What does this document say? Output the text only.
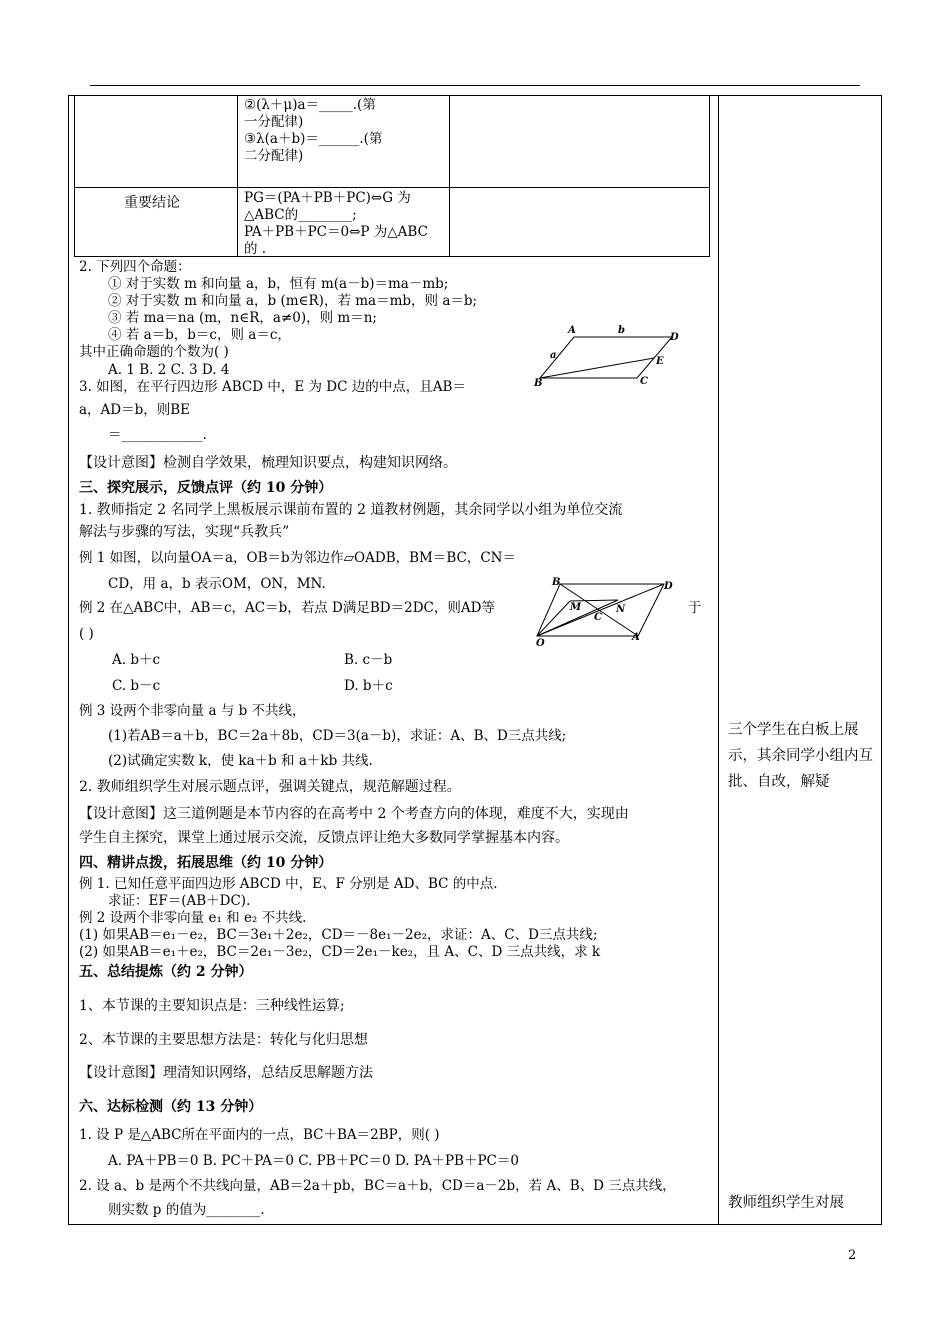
②(λ＋μ)a＝_____.(第
一分配律)
③λ(a＋b)＝______.(第
二分配律)
重要结论	PG＝(PA＋PB＋PC)⇔G 为
△ABC的________;
PA＋PB＋PC＝0⇔P 为△ABC
的 .
2. 下列四个命题：
① 对于实数 m 和向量 a，b，恒有 m(a－b)＝ma－mb;
② 对于实数 m 和向量 a，b (m∈R)，若 ma＝mb，则 a＝b;
③ 若 ma＝na (m，n∈R，a≠0)，则 m＝n;
④ 若 a＝b，b＝c，则 a＝c，
其中正确命题的个数为( )
A. 1 B. 2 C. 3 D. 4
A	b
D
a
E
B	C
3. 如图，在平行四边形 ABCD 中，E 为 DC 边的中点，且AB＝
a，AD＝b，则BE
＝____________.
【设计意图】检测自学效果，梳理知识要点，构建知识网络。
三、探究展示，反馈点评（约 10 分钟）
1. 教师指定 2 名同学上黑板展示课前布置的 2 道教材例题，其余同学以小组为单位交流
解法与步骤的写法，实现“兵教兵”
例 1 如图，以向量OA＝a，OB＝b为邻边作▱OADB，BM＝BC，CN＝
CD，用 a，b 表示OM，ON，MN.	B	D
M	N
C
O
A
例 2 在△ABC中，AB＝c，AC＝b，若点 D满足BD＝2DC，则AD等	于
( )
A. b＋c	B. c－b
C. b－c	D. b＋c
例 3 设两个非零向量 a 与 b 不共线，
(1)若AB＝a＋b，BC＝2a＋8b，CD＝3(a－b)，求证：A、B、D三点共线;
(2)试确定实数 k，使 ka＋b 和 a＋kb 共线.
2. 教师组织学生对展示题点评，强调关键点，规范解题过程。
【设计意图】这三道例题是本节内容的在高考中 2 个考查方向的体现，难度不大，实现由
学生自主探究，课堂上通过展示交流，反馈点评让绝大多数同学掌握基本内容。
四、精讲点拨，拓展思维（约 10 分钟）
例 1. 已知任意平面四边形 ABCD 中，E、F 分别是 AD、BC 的中点.
求证：EF＝(AB＋DC).
例 2 设两个非零向量 e₁ 和 e₂ 不共线.
(1) 如果AB＝e₁－e₂，BC＝3e₁＋2e₂，CD＝－8e₁－2e₂，求证：A、C、D三点共线;
(2) 如果AB＝e₁＋e₂，BC＝2e₁－3e₂，CD＝2e₁－ke₂，且 A、C、D 三点共线，求 k
五、总结提炼（约 2 分钟）
1、本节课的主要知识点是：三种线性运算;
2、本节课的主要思想方法是：转化与化归思想
【设计意图】理清知识网络，总结反思解题方法
六、达标检测（约 13 分钟）
1. 设 P 是△ABC所在平面内的一点，BC＋BA＝2BP，则( )
A. PA＋PB＝0 B. PC＋PA＝0 C. PB＋PC＝0 D. PA＋PB＋PC＝0
2. 设 a、b 是两个不共线向量，AB＝2a＋pb，BC＝a＋b，CD＝a－2b，若 A、B、D 三点共线，
则实数 p 的值为________.
三个学生在白板上展示，其余同学小组内互批、自改，解疑
教师组织学生对展
2
